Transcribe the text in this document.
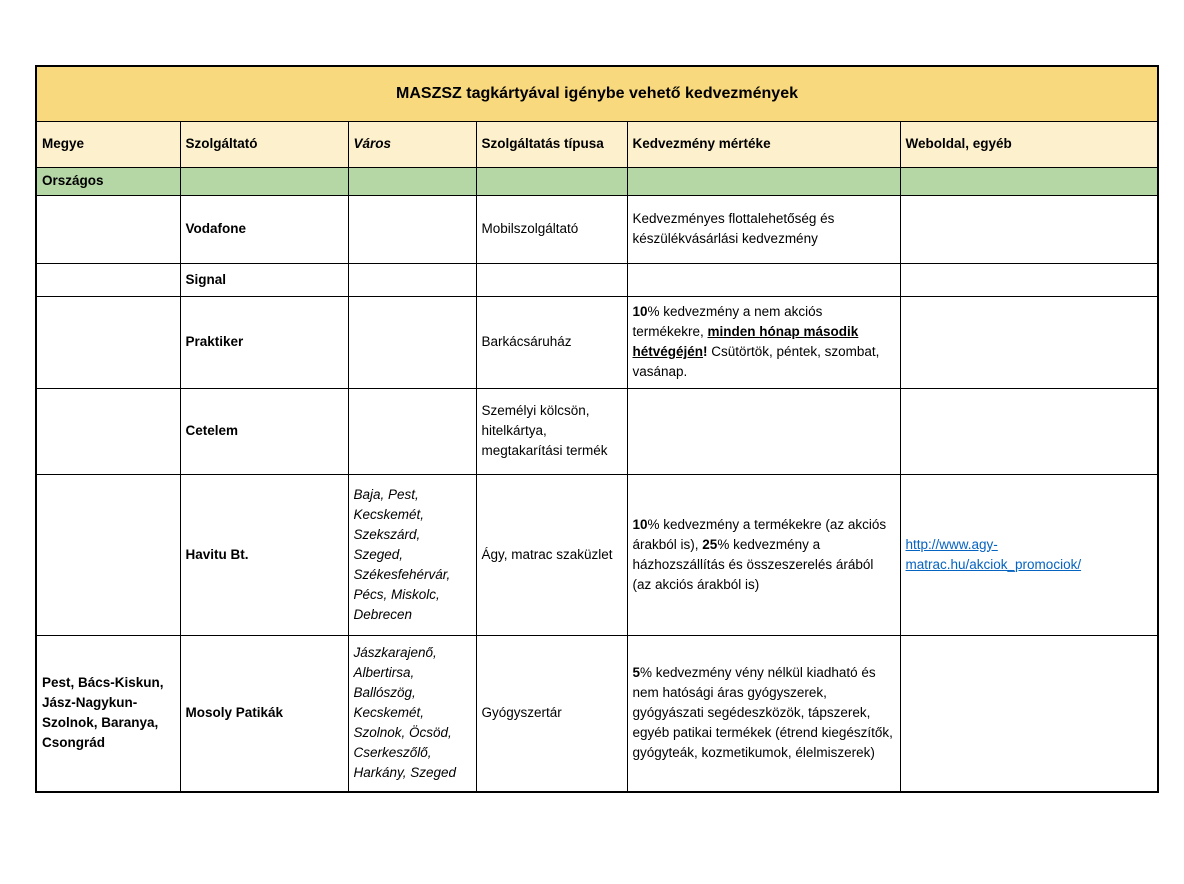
MASZSZ tagkártyával igénybe vehető kedvezmények					
Megye	Szolgáltató	Város	Szolgáltatás típusa	Kedvezmény mértéke	Weboldal, egyéb
Országos					
	Vodafone		Mobilszolgáltató	Kedvezményes flottalehetőség és készülékvásárlási kedvezmény	
	Signal				
	Praktiker		Barkácsáruház	10% kedvezmény a nem akciós termékekre, minden hónap második hétvégéjén! Csütörtök, péntek, szombat, vasánap.	
	Cetelem		Személyi kölcsön, hitelkártya, megtakarítási termék		
	Havitu Bt.	Baja, Pest, Kecskemét, Szekszárd, Szeged, Székesfehérvár, Pécs, Miskolc, Debrecen	Ágy, matrac szaküzlet	10% kedvezmény a termékekre (az akciós árakból is), 25% kedvezmény a házhozszállítás és összeszerelés árából (az akciós árakból is)	http://www.agy-matrac.hu/akciok_promociok/
Pest, Bács-Kiskun, Jász-Nagykun-Szolnok, Baranya, Csongrád	Mosoly Patikák	Jászkarajenő, Albertirsa, Ballószög, Kecskemét, Szolnok, Öcsöd, Cserkeszőlő, Harkány, Szeged	Gyógyszertár	5% kedvezmény vény nélkül kiadható és nem hatósági áras gyógyszerek, gyógyászati segédeszközök, tápszerek, egyéb patikai termékek (étrend kiegészítők, gyógyteák, kozmetikumok, élelmiszerek)	
